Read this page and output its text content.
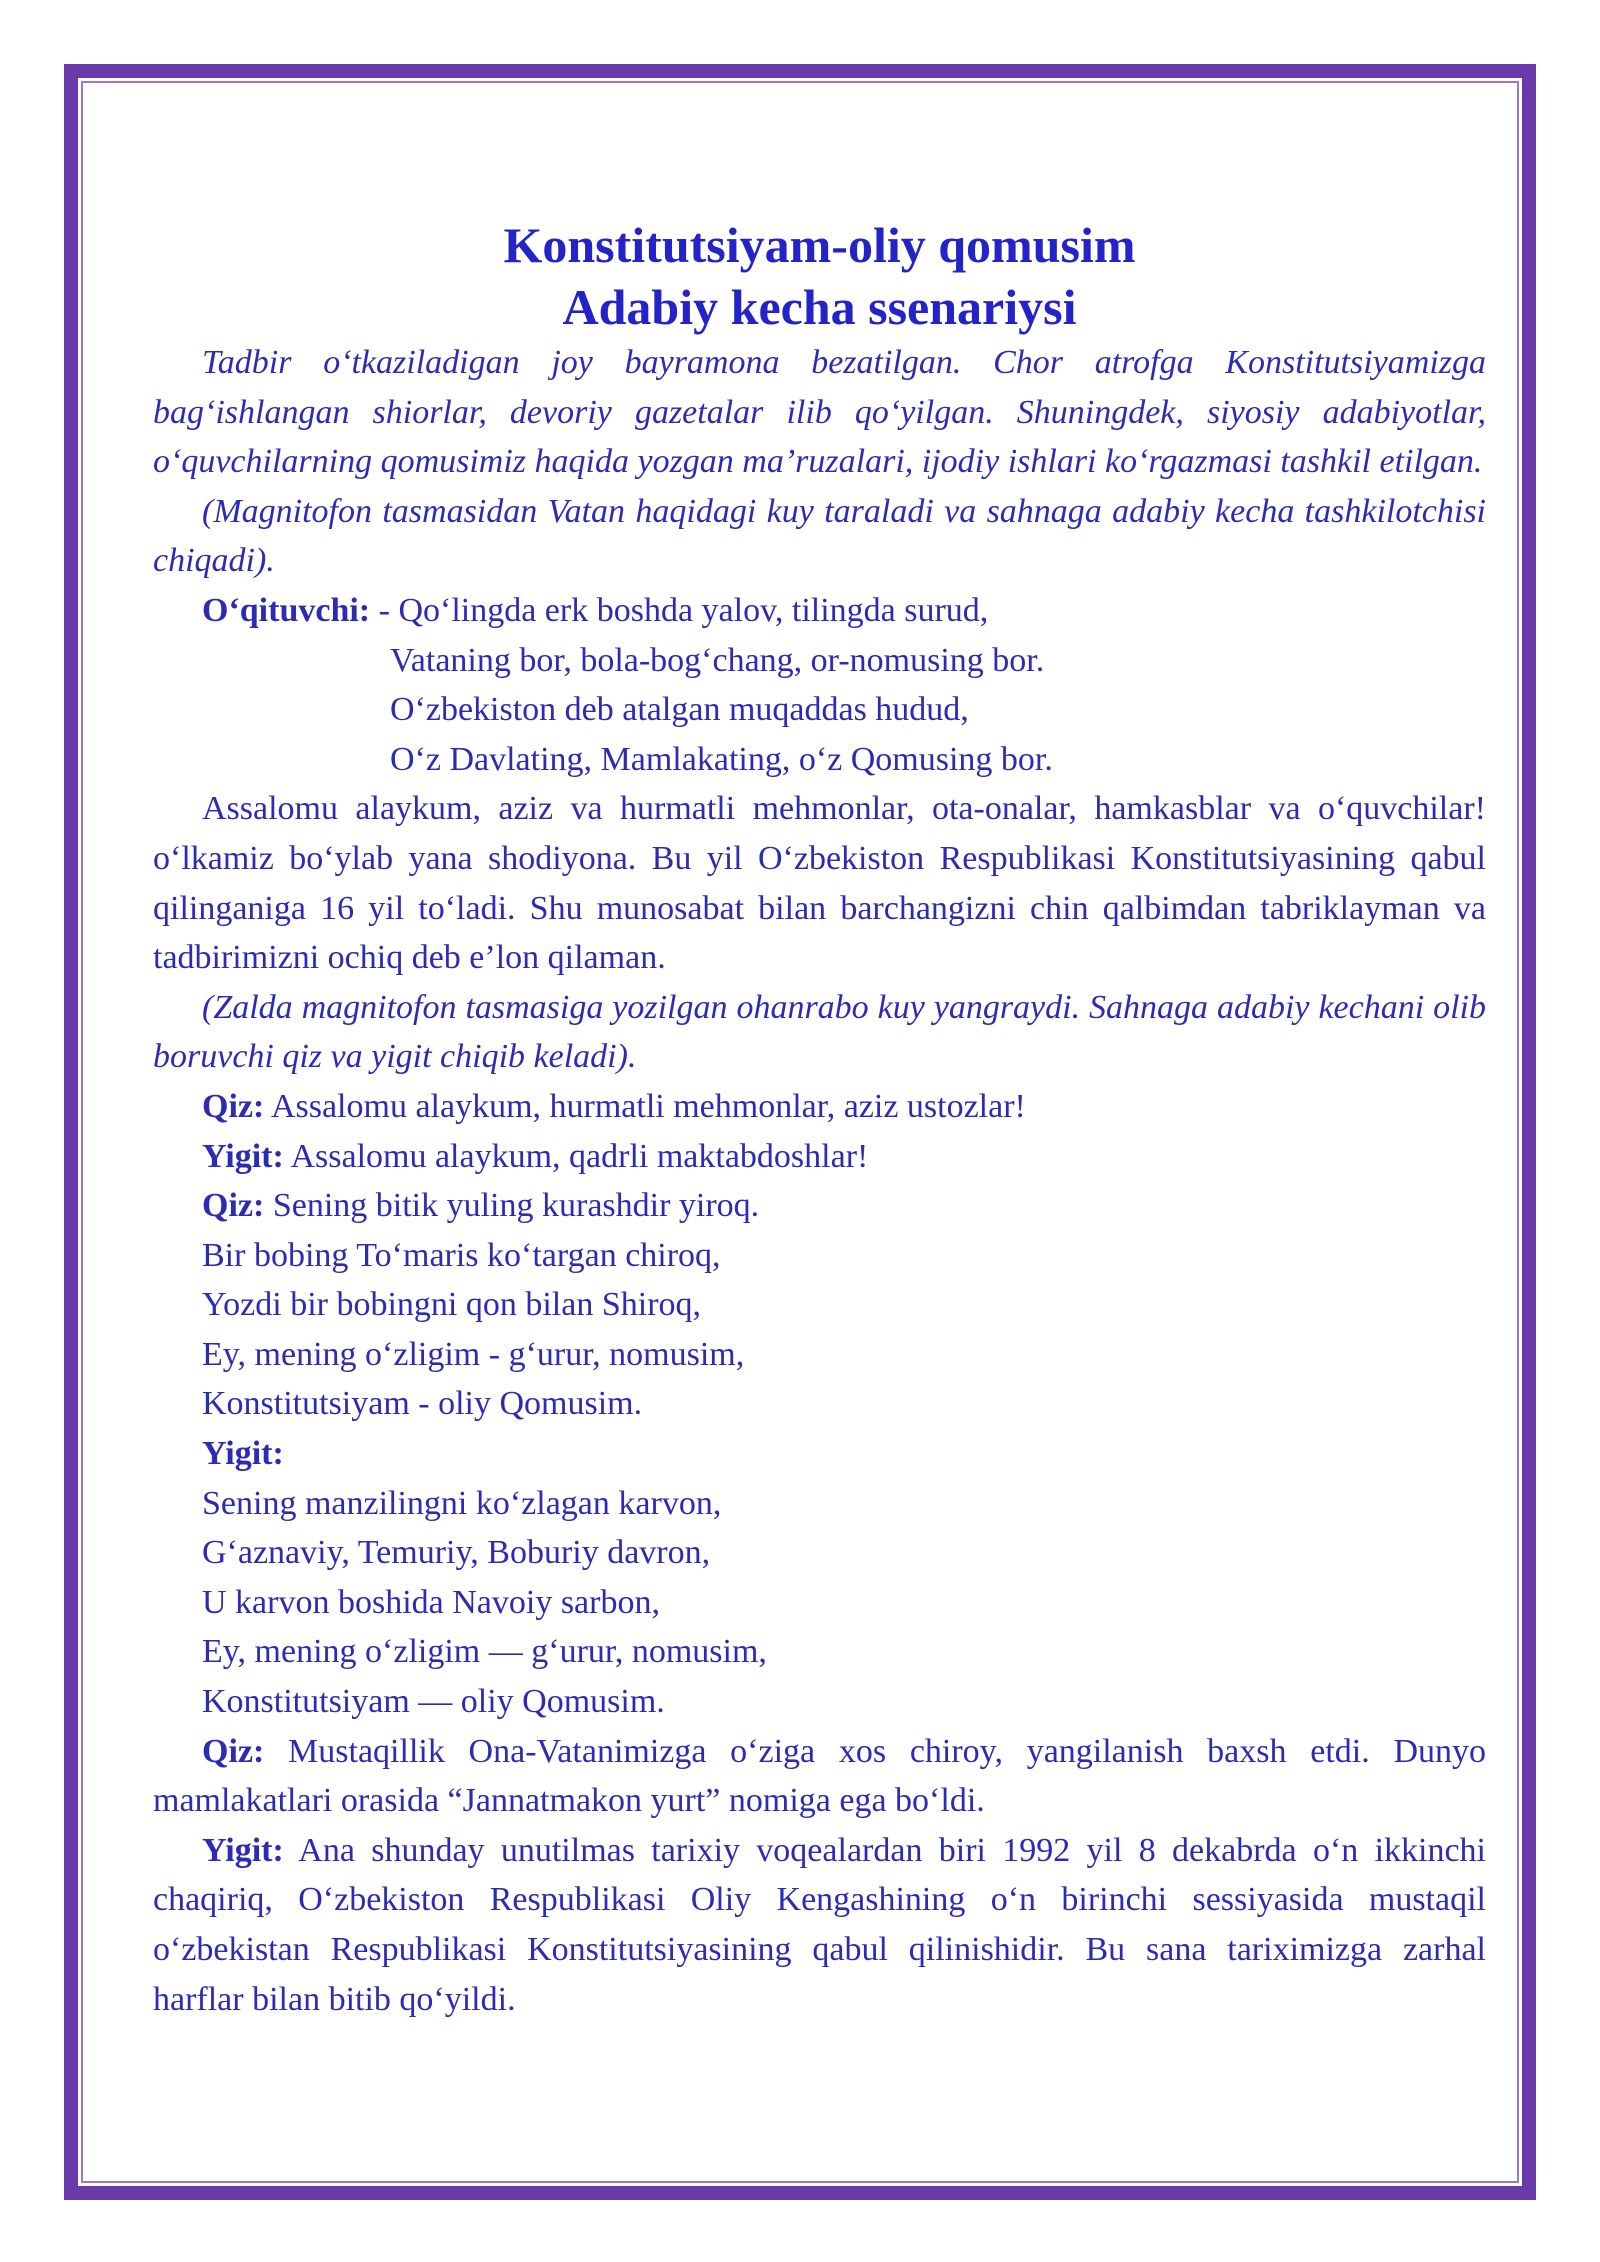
Konstitutsiyam-oliy qomusim
Adabiy kecha ssenariysi

Tadbir o‘tkaziladigan joy bayramona bezatilgan. Chor atrofga Konstitutsiyamizga bag‘ishlangan shiorlar, devoriy gazetalar ilib qo‘yilgan. Shuningdek, siyosiy adabiyotlar, o‘quvchilarning qomusimiz haqida yozgan ma’ruzalari, ijodiy ishlari ko‘rgazmasi tashkil etilgan.

(Magnitofon tasmasidan Vatan haqidagi kuy taraladi va sahnaga adabiy kecha tashkilotchisi chiqadi).

O‘qituvchi: - Qo‘lingda erk boshda yalov, tilingda surud,

Vataning bor, bola-bog‘chang, or-nomusing bor.

O‘zbekiston deb atalgan muqaddas hudud,

O‘z Davlating, Mamlakating, o‘z Qomusing bor.

Assalomu alaykum, aziz va hurmatli mehmonlar, ota-onalar, hamkasblar va o‘quvchilar! o‘lkamiz bo‘ylab yana shodiyona. Bu yil O‘zbekiston Respublikasi Konstitutsiyasining qabul qilinganiga 16 yil to‘ladi. Shu munosabat bilan barchangizni chin qalbimdan tabriklayman va tadbirimizni ochiq deb e’lon qilaman.

(Zalda magnitofon tasmasiga yozilgan ohanrabo kuy yangraydi. Sahnaga adabiy kechani olib boruvchi qiz va yigit chiqib keladi).

Qiz: Assalomu alaykum, hurmatli mehmonlar, aziz ustozlar!

Yigit: Assalomu alaykum, qadrli maktabdoshlar!

Qiz: Sening bitik yuling kurashdir yiroq.

Bir bobing To‘maris ko‘targan chiroq,

Yozdi bir bobingni qon bilan Shiroq,

Ey, mening o‘zligim - g‘urur, nomusim,

Konstitutsiyam - oliy Qomusim.

Yigit:

Sening manzilingni ko‘zlagan karvon,

G‘aznaviy, Temuriy, Boburiy davron,

U karvon boshida Navoiy sarbon,

Ey, mening o‘zligim — g‘urur, nomusim,

Konstitutsiyam — oliy Qomusim.

Qiz: Mustaqillik Ona-Vatanimizga o‘ziga xos chiroy, yangilanish baxsh etdi. Dunyo mamlakatlari orasida “Jannatmakon yurt” nomiga ega bo‘ldi.

Yigit: Ana shunday unutilmas tarixiy voqealardan biri 1992 yil 8 dekabrda o‘n ikkinchi chaqiriq, O‘zbekiston Respublikasi Oliy Kengashining o‘n birinchi sessiyasida mustaqil o‘zbekistan Respublikasi Konstitutsiyasining qabul qilinishidir. Bu sana tariximizga zarhal harflar bilan bitib qo‘yildi.
